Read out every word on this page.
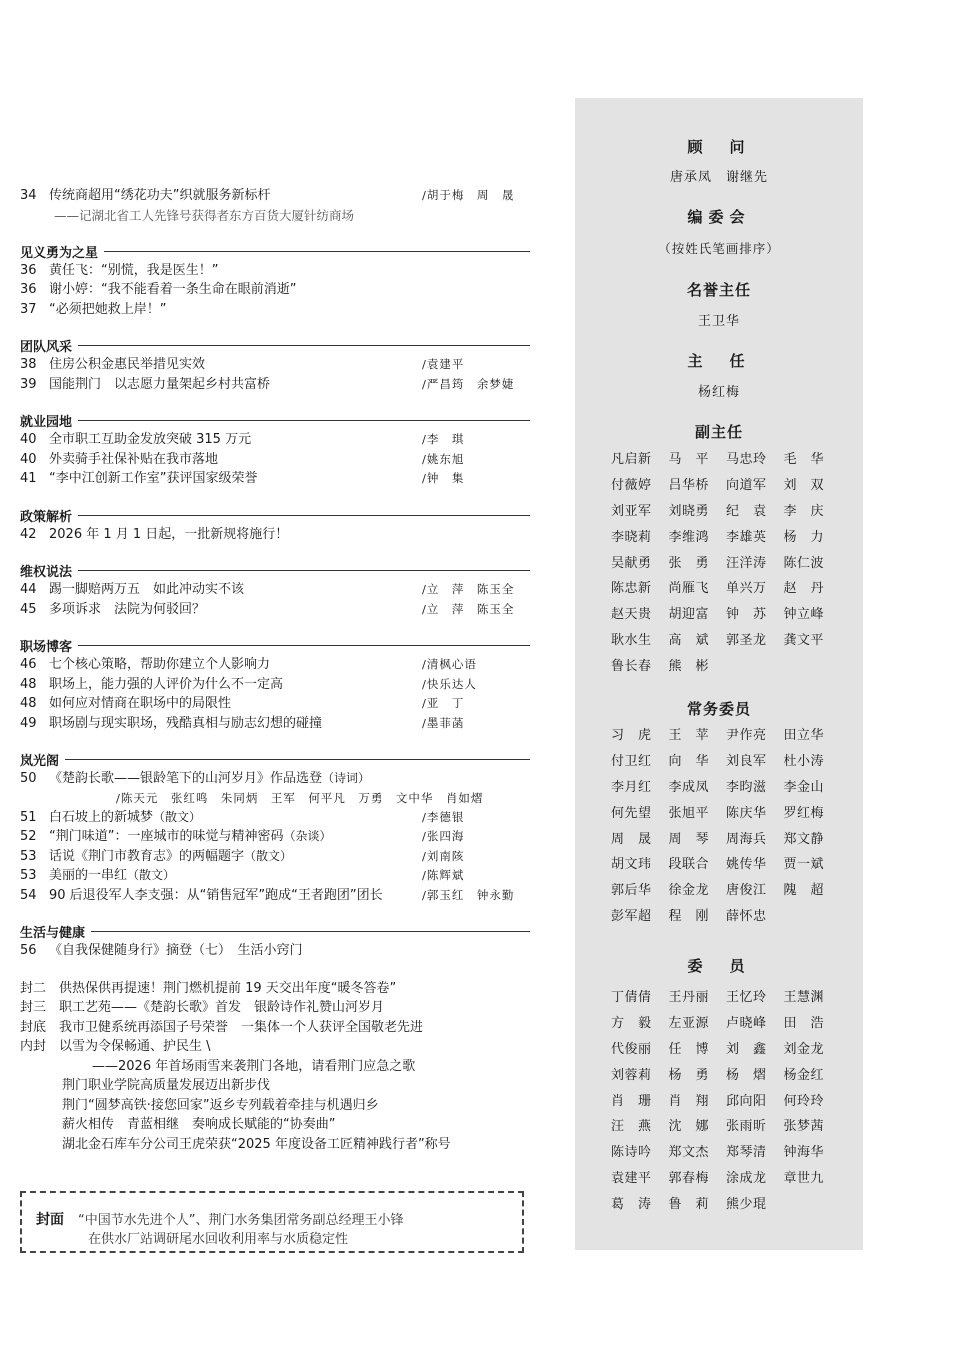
34 传统商超用“绣花功夫”织就服务新标杆	/胡于梅　周　晟
——记湖北省工人先锋号获得者东方百货大厦针纺商场
见义勇为之星
36 黄任飞：“别慌，我是医生！”
36 谢小婷：“我不能看着一条生命在眼前消逝”
37 “必须把她救上岸！”
团队风采
38 住房公积金惠民举措见实效	/袁建平
39 国能荆门　以志愿力量架起乡村共富桥	/严昌筠　余梦婕
就业园地
40 全市职工互助金发放突破 315 万元	/李　琪
40 外卖骑手社保补贴在我市落地	/姚东旭
41 “李中江创新工作室”获评国家级荣誉	/钟　集
政策解析
42 2026 年 1 月 1 日起，一批新规将施行！
维权说法
44 踢一脚赔两万五　如此冲动实不该	/立　萍　陈玉全
45 多项诉求　法院为何驳回？	/立　萍　陈玉全
职场博客
46 七个核心策略，帮助你建立个人影响力	/清枫心语
48 职场上，能力强的人评价为什么不一定高	/快乐达人
48 如何应对情商在职场中的局限性	/亚　丁
49 职场剧与现实职场，残酷真相与励志幻想的碰撞	/墨菲菡
岚光阁
50 《楚韵长歌——银龄笔下的山河岁月》作品选登（诗词）
/陈天元　张红鸣　朱同炳　王军　何平凡　万勇　文中华　肖如熠
51 白石坡上的新城梦（散文）	/李德银
52 “荆门味道”：一座城市的味觉与精神密码（杂谈）	/张四海
53 话说《荆门市教育志》的两幅题字（散文）	/刘南陔
53 美丽的一串红（散文）	/陈辉斌
54 90 后退役军人李支强：从“销售冠军”跑成“王者跑团”团长	/郭玉红　钟永勤
生活与健康
56 《自我保健随身行》摘登（七）　生活小窍门
封二　供热保供再提速！荆门燃机提前 19 天交出年度“暖冬答卷”
封三　职工艺苑——《楚韵长歌》首发　银龄诗作礼赞山河岁月
封底　我市卫健系统再添国子号荣誉　一集体一个人获评全国敬老先进
内封　以雪为令保畅通、护民生 \
——2026 年首场雨雪来袭荆门各地，请看荆门应急之歌
荆门职业学院高质量发展迈出新步伐
荆门“圆梦高铁·接您回家”返乡专列载着牵挂与机遇归乡
薪火相传　青蓝相继　奏响成长赋能的“协奏曲”
湖北金石库车分公司王虎荣获“2025 年度设备工匠精神践行者”称号
封面 “中国节水先进个人”、荆门水务集团常务副总经理王小锋
在供水厂站调研尾水回收利用率与水质稳定性
顾　问
唐承凤　谢继先
编委会
（按姓氏笔画排序）
名誉主任
王卫华
主　任
杨红梅
副主任
凡启新	马　平	马忠玲	毛　华
付薇婷	吕华桥	向道军	刘　双
刘亚军	刘晓勇	纪　袁	李　庆
李晓莉	李维鸿	李雄英	杨　力
吴献勇	张　勇	汪洋涛	陈仁波
陈忠新	尚雁飞	单兴万	赵　丹
赵天贵	胡迎富	钟　苏	钟立峰
耿水生	高　斌	郭圣龙	龚文平
鲁长春	熊　彬
常务委员
习　虎	王　苹	尹作亮	田立华
付卫红	向　华	刘良军	杜小涛
李月红	李成凤	李昀滋	李金山
何先望	张旭平	陈庆华	罗红梅
周　晟	周　琴	周海兵	郑文静
胡文玮	段联合	姚传华	贾一斌
郭后华	徐金龙	唐俊江	隗　超
彭军超	程　刚	薛怀忠
委　员
丁倩倩	王丹丽	王忆玲	王慧渊
方　毅	左亚源	卢晓峰	田　浩
代俊丽	任　博	刘　鑫	刘金龙
刘蓉莉	杨　勇	杨　熠	杨金红
肖　珊	肖　翔	邱向阳	何玲玲
汪　燕	沈　娜	张雨昕	张梦茜
陈诗吟	郑文杰	郑琴清	钟海华
袁建平	郭春梅	涂成龙	章世九
葛　涛	鲁　莉	熊少琨
